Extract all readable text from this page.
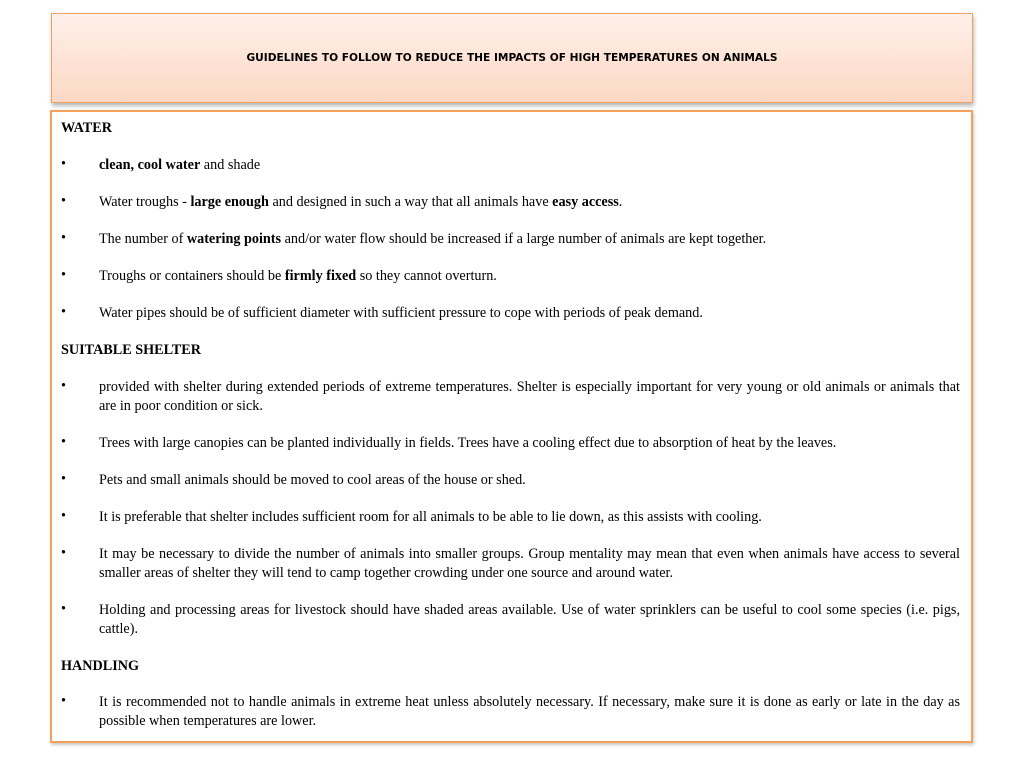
GUIDELINES TO FOLLOW TO REDUCE THE IMPACTS OF HIGH TEMPERATURES ON ANIMALS
WATER
• clean, cool water and shade
• Water troughs - large enough and designed in such a way that all animals have easy access.
• The number of watering points and/or water flow should be increased if a large number of animals are kept together.
• Troughs or containers should be firmly fixed so they cannot overturn.
• Water pipes should be of sufficient diameter with sufficient pressure to cope with periods of peak demand.
SUITABLE SHELTER
• provided with shelter during extended periods of extreme temperatures. Shelter is especially important for very young or old animals or animals that are in poor condition or sick.
• Trees with large canopies can be planted individually in fields. Trees have a cooling effect due to absorption of heat by the leaves.
• Pets and small animals should be moved to cool areas of the house or shed.
• It is preferable that shelter includes sufficient room for all animals to be able to lie down, as this assists with cooling.
• It may be necessary to divide the number of animals into smaller groups. Group mentality may mean that even when animals have access to several smaller areas of shelter they will tend to camp together crowding under one source and around water.
• Holding and processing areas for livestock should have shaded areas available. Use of water sprinklers can be useful to cool some species (i.e. pigs, cattle).
HANDLING
• It is recommended not to handle animals in extreme heat unless absolutely necessary. If necessary, make sure it is done as early or late in the day as possible when temperatures are lower.
